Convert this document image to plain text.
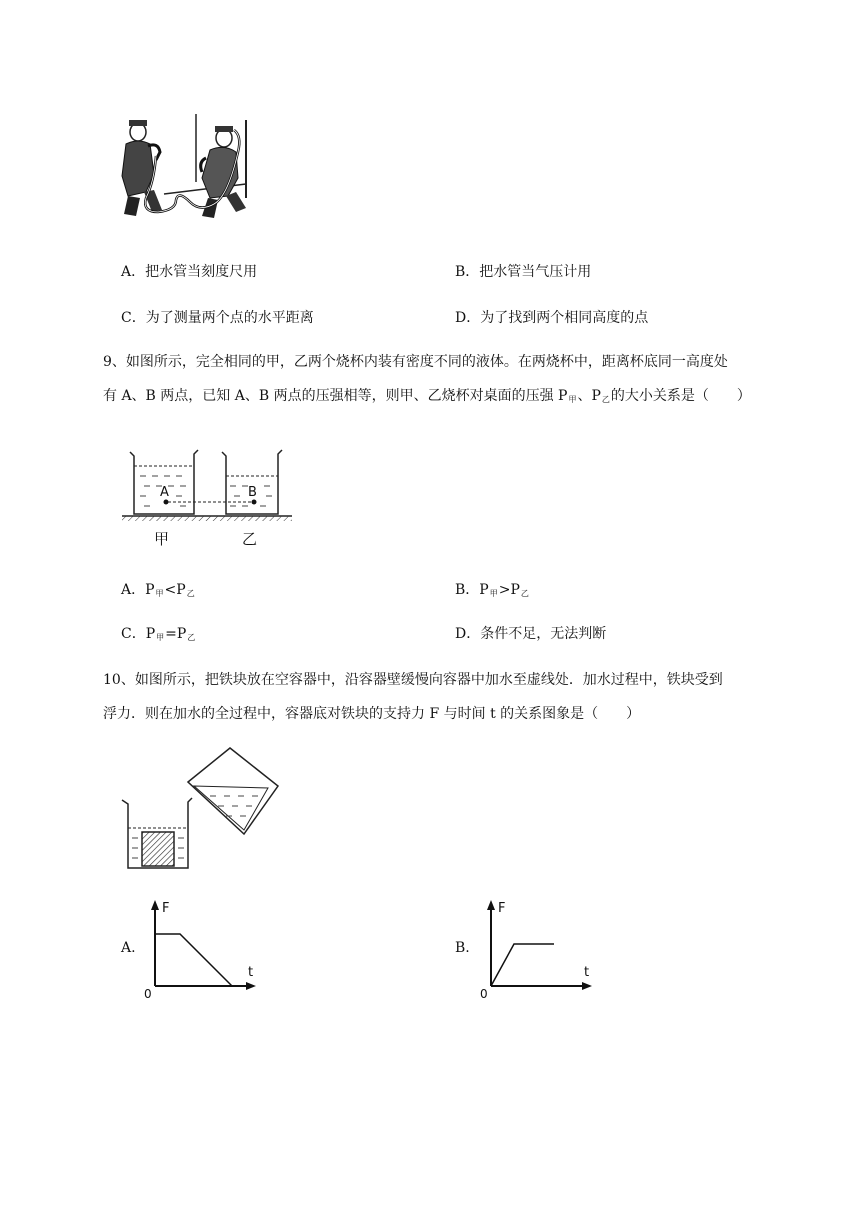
A．把水管当刻度尺用	B．把水管当气压计用
C．为了测量两个点的水平距离	D．为了找到两个相同高度的点
9、如图所示，完全相同的甲，乙两个烧杯内装有密度不同的液体。在两烧杯中，距离杯底同一高度处
有 A、B 两点，已知 A、B 两点的压强相等，则甲、乙烧杯对桌面的压强 $P_甲$、$P_乙$的大小关系是（　　）
A	B
甲	乙
A．$P_甲<P_乙$	B．$P_甲>P_乙$
C．$P_甲=P_乙$	D．条件不足，无法判断
10、如图所示，把铁块放在空容器中，沿容器壁缓慢向容器中加水至虚线处．加水过程中，铁块受到
浮力．则在加水的全过程中，容器底对铁块的支持力 F 与时间 t 的关系图象是（　　）
A.
F
t
0
B.
F
t
0
